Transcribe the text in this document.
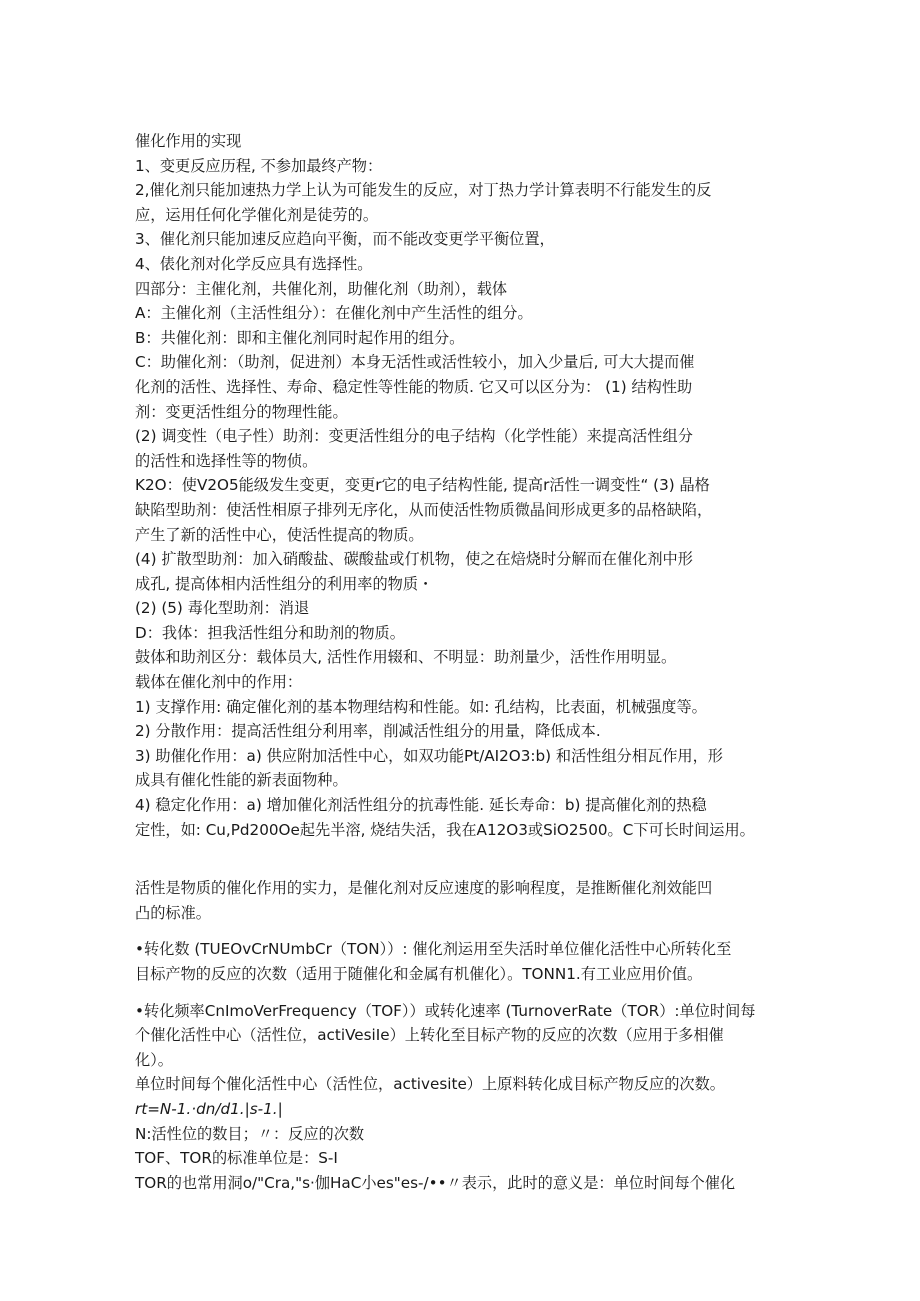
催化作用的实现
1、变更反应历程, 不参加最终产物：
2,催化剂只能加速热力学上认为可能发生的反应，对丁热力学计算表明不行能发生的反
应，运用任何化学催化剂是徒劳的。
3、催化剂只能加速反应趋向平衡，而不能改变更学平衡位置，
4、俵化剂对化学反应具有选择性。
四部分：主催化剂，共催化剂，助催化剂（助剂），载体
A：主催化剂（主活性组分）：在催化剂中产生活性的组分。
B：共催化剂：即和主催化剂同时起作用的组分。
C：助催化剂：（助剂，促进剂）本身无活性或活性较小，加入少量后, 可大大提而催
化剂的活性、选择性、寿命、稳定性等性能的物质. 它又可以区分为： (1) 结构性助
剂：变更活性组分的物理性能。
(2) 调变性（电子性）助剂：变更活性组分的电子结构（化学性能）来提高活性组分
的活性和选择性等的物侦。
K2O：使V2O5能级发生变更，变更r它的电子结构性能, 提高r活性一调变性“ (3) 晶格
缺陷型助剂：使活性相原子排列无序化，从而使活性物质微晶间形成更多的品格缺陷，
产生了新的活性中心，使活性提高的物质。
(4) 扩散型助剂：加入硝酸盐、碳酸盐或仃机物，使之在焙烧时分解而在催化剂中形
成孔, 提高体相内活性组分的利用率的物质・
(2) (5) 毒化型助剂：消退
D：我体：担我活性组分和助剂的物质。
鼓体和助剂区分：载体员大, 活性作用辍和、不明显：助剂量少，活性作用明显。
载体在催化剂中的作用：
1) 支撑作用: 确定催化剂的基本物理结构和性能。如: 孔结构，比表面，机械强度等。
2) 分散作用：提高活性组分利用率，削减活性组分的用量，降低成本.
3) 助催化作用：a) 供应附加活性中心，如双功能Pt/AI2O3:b) 和活性组分相瓦作用，形
成具有催化性能的新表面物种。
4) 稳定化作用：a) 增加催化剂活性组分的抗毒性能. 延长寿命：b) 提高催化剂的热稳
定性，如: Cu,Pd200Oe起先半溶, 烧结失活，我在A12O3或SiO2500。C下可长时间运用。
活性是物质的催化作用的实力，是催化剂对反应速度的影响程度，是推断催化剂效能凹
凸的标准。
•转化数 (TUEOvCrNUmbCr（TON））: 催化剂运用至失活时单位催化活性中心所转化至
目标产物的反应的次数（适用于随催化和金属有机催化）。TONN1.有工业应用价值。
•转化频率CnImoVerFrequency（TOF））或转化速率 (TurnoverRate（TOR）:单位时间每
个催化活性中心（活性位，actiVesiIe）上转化至目标产物的反应的次数（应用于多相催
化）。
单位时间每个催化活性中心（活性位，activesite）上原料转化成目标产物反应的次数。
rt=N-1.·dn/d1.|s-1.|
N:活性位的数目；〃：反应的次数
TOF、TOR的标准单位是：S-I
TOR的也常用洞o/"Cra,"s·伽HaC小es"es-/••〃表示，此时的意义是：单位时间每个催化
